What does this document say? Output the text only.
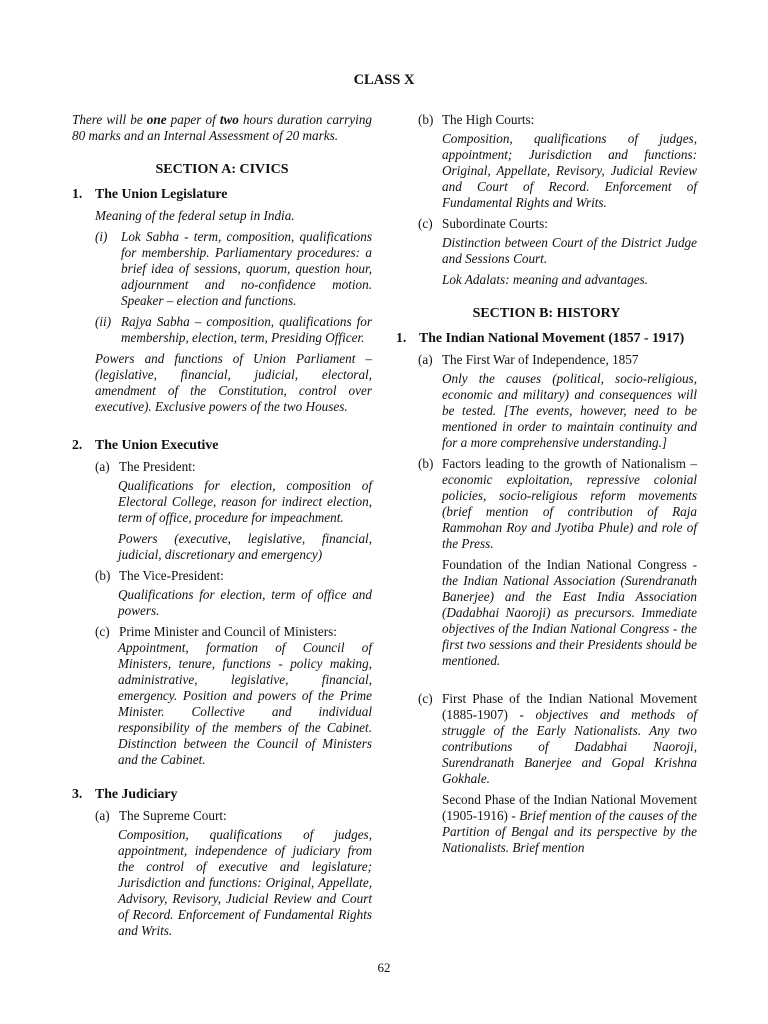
CLASS X

There will be one paper of two hours duration carrying 80 marks and an Internal Assessment of 20 marks.

SECTION A: CIVICS
1. The Union Legislature

Meaning of the federal setup in India.

(i)	Lok Sabha - term, composition, qualifications for membership. Parliamentary procedures: a brief idea of sessions, quorum, question hour, adjournment and no-confidence motion. Speaker – election and functions.
(ii) Rajya Sabha – composition, qualifications for membership, election, term, Presiding Officer.

Powers and functions of Union Parliament – (legislative, financial, judicial, electoral, amendment of the Constitution, control over executive). Exclusive powers of the two Houses.

2. The Union Executive
(a) The President:

Qualifications for election, composition of Electoral College, reason for indirect election, term of office, procedure for impeachment.

Powers (executive, legislative, financial, judicial, discretionary and emergency)

(b) The Vice-President:

Qualifications for election, term of office and powers.

(c) Prime Minister and Council of Ministers:

Appointment, formation of Council of Ministers, tenure, functions - policy making, administrative, legislative, financial, emergency. Position and powers of the Prime Minister. Collective and individual responsibility of the members of the Cabinet. Distinction between the Council of Ministers and the Cabinet.

3. The Judiciary
(a) The Supreme Court:

Composition, qualifications of judges, appointment, independence of judiciary from the control of executive and legislature; Jurisdiction and functions: Original, Appellate, Advisory, Revisory, Judicial Review and Court of Record. Enforcement of Fundamental Rights and Writs.

(b) The High Courts:

Composition, qualifications of judges, appointment; Jurisdiction and functions: Original, Appellate, Revisory, Judicial Review and Court of Record. Enforcement of Fundamental Rights and Writs.

(c) Subordinate Courts:

Distinction between Court of the District Judge and Sessions Court.

Lok Adalats: meaning and advantages.

SECTION B: HISTORY
1. The Indian National Movement (1857 - 1917)
(a) The First War of Independence, 1857

Only the causes (political, socio-religious, economic and military) and consequences will be tested. [The events, however, need to be mentioned in order to maintain continuity and for a more comprehensive understanding.]

(b) Factors leading to the growth of Nationalism – economic exploitation, repressive colonial policies, socio-religious reform movements (brief mention of contribution of Raja Rammohan Roy and Jyotiba Phule) and role of the Press.

Foundation of the Indian National Congress - the Indian National Association (Surendranath Banerjee) and the East India Association (Dadabhai Naoroji) as precursors. Immediate objectives of the Indian National Congress - the first two sessions and their Presidents should be mentioned.

(c) First Phase of the Indian National Movement (1885-1907) - objectives and methods of struggle of the Early Nationalists. Any two contributions of Dadabhai Naoroji, Surendranath Banerjee and Gopal Krishna Gokhale.

Second Phase of the Indian National Movement (1905-1916) - Brief mention of the causes of the Partition of Bengal and its perspective by the Nationalists. Brief mention

62
